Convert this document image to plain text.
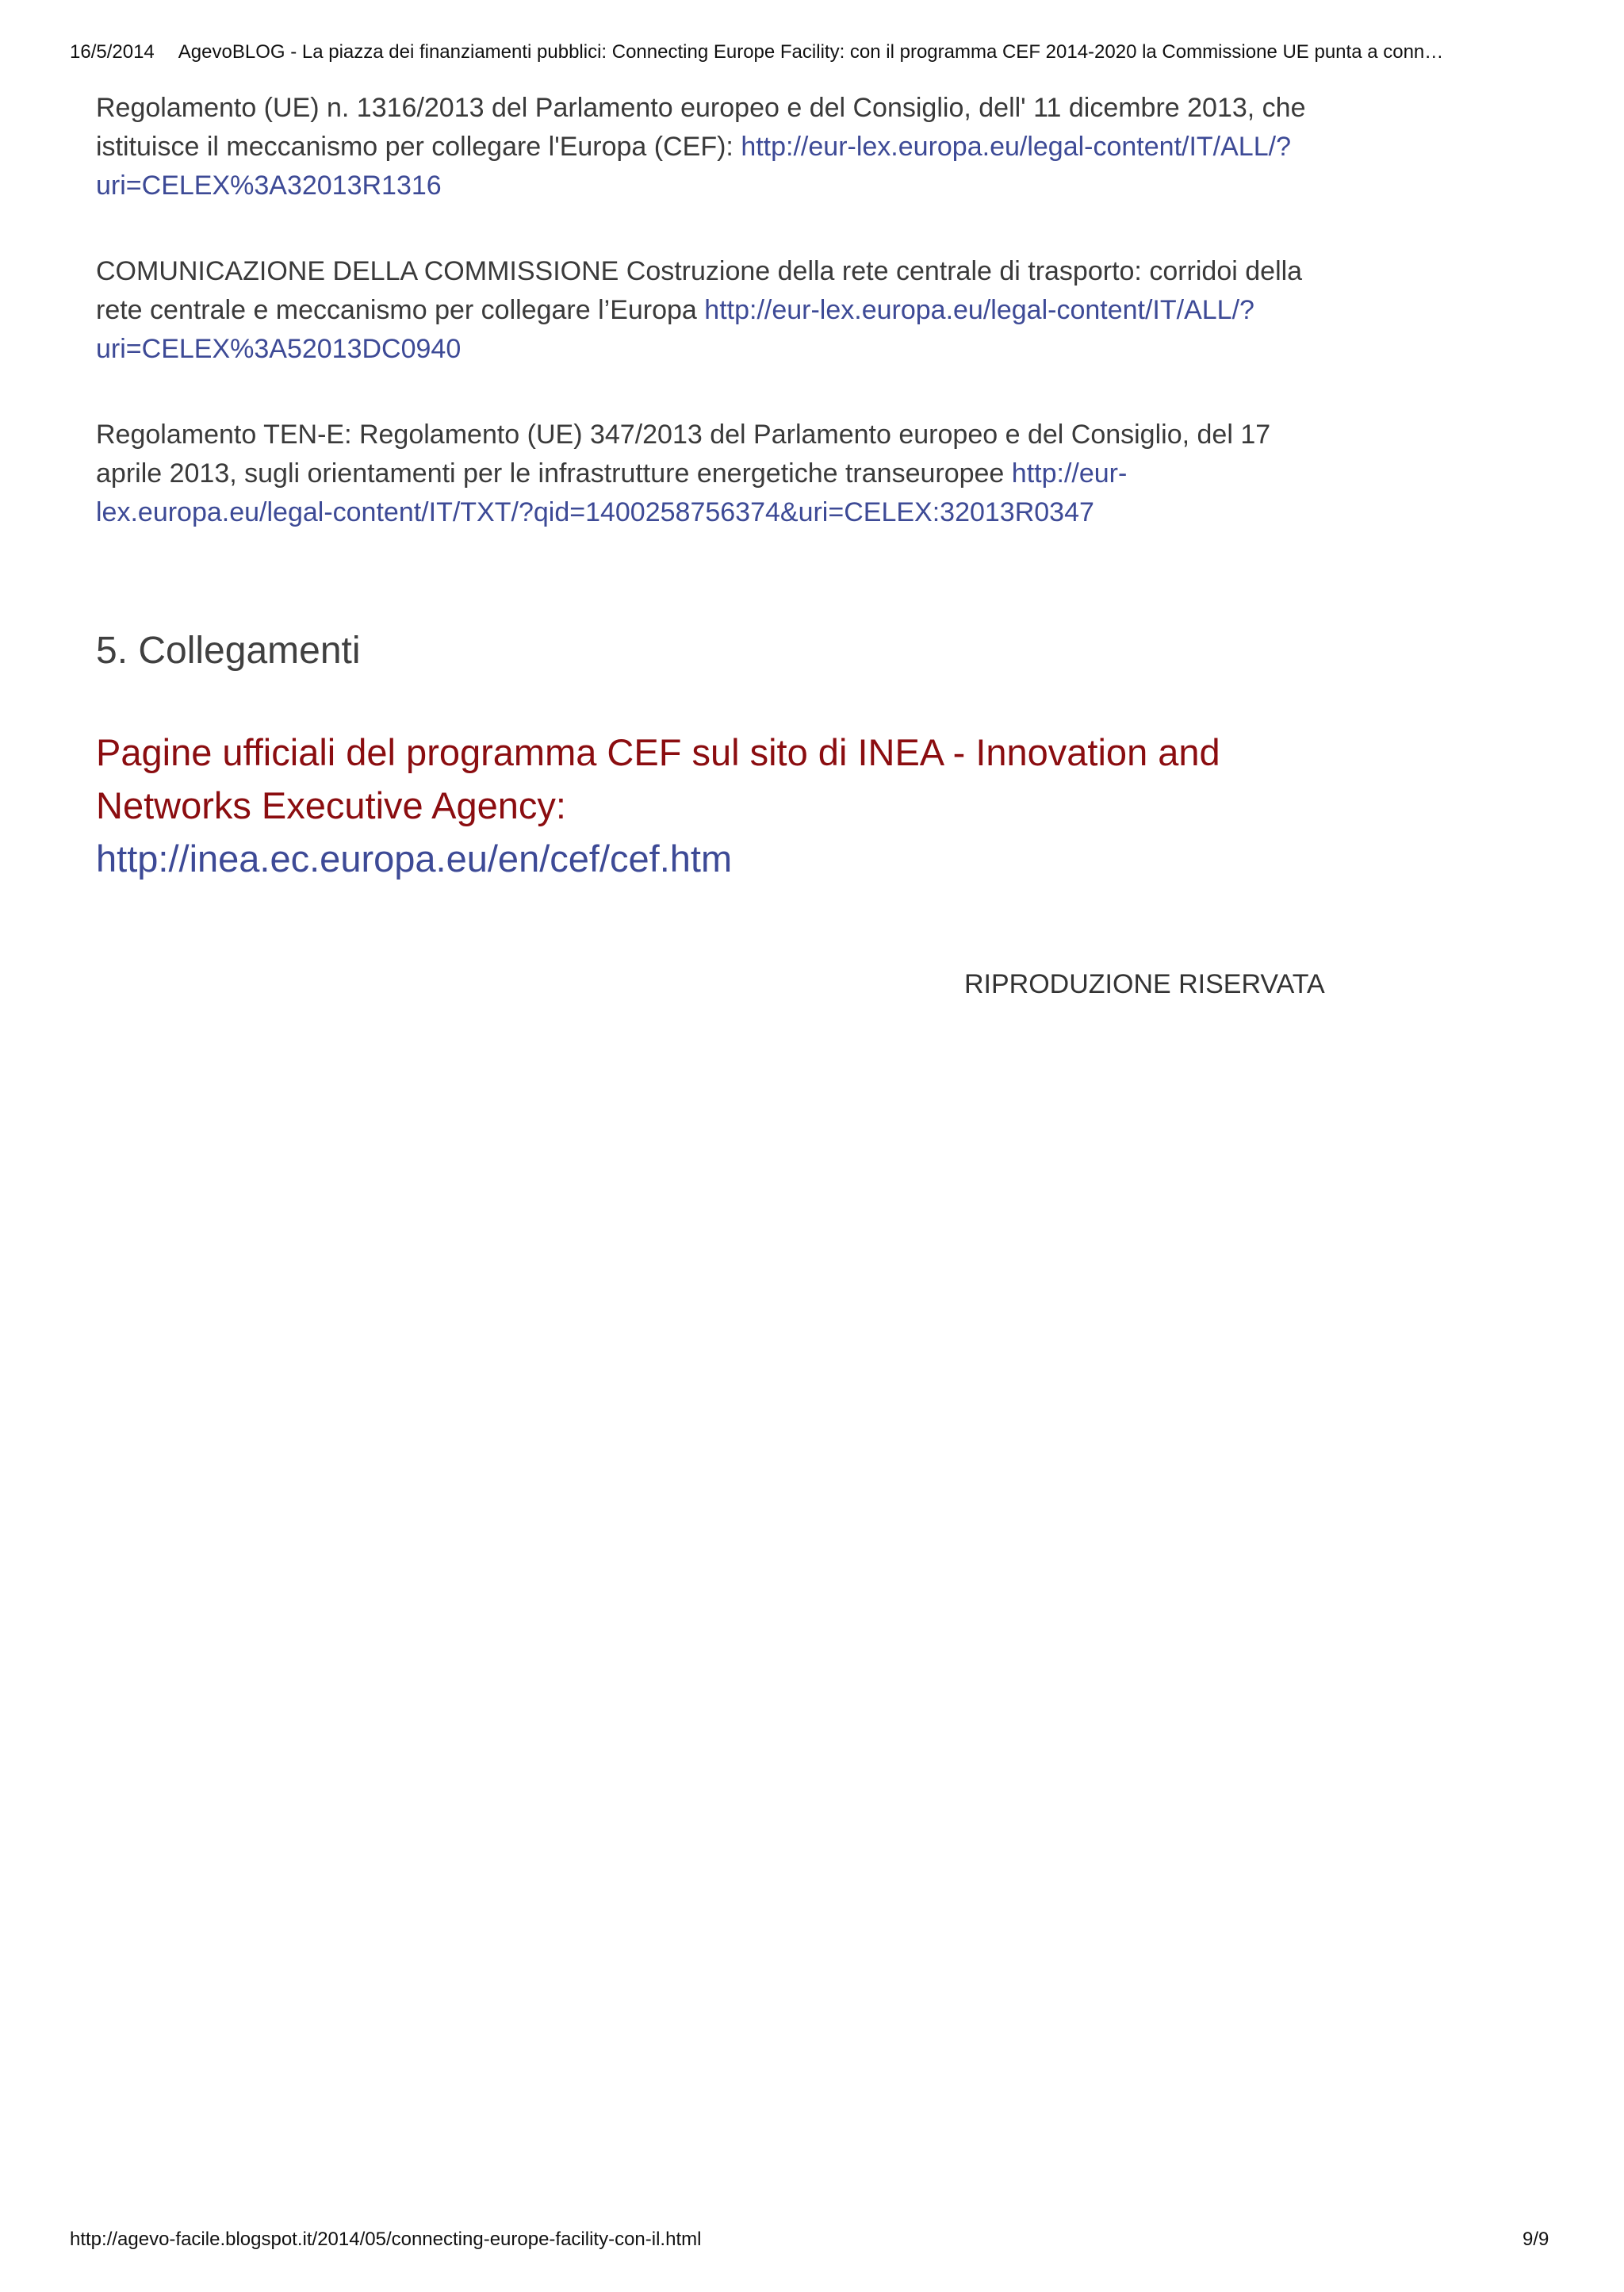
16/5/2014 AgevoBLOG - La piazza dei finanziamenti pubblici: Connecting Europe Facility: con il programma CEF 2014-2020 la Commissione UE punta a conn…

Regolamento (UE) n. 1316/2013 del Parlamento europeo e del Consiglio, dell' 11 dicembre 2013, che istituisce il meccanismo per collegare l'Europa (CEF): http://eur-lex.europa.eu/legal-content/IT/ALL/?uri=CELEX%3A32013R1316

COMUNICAZIONE DELLA COMMISSIONE Costruzione della rete centrale di trasporto: corridoi della rete centrale e meccanismo per collegare l’Europa http://eur-lex.europa.eu/legal-content/IT/ALL/?uri=CELEX%3A52013DC0940

Regolamento TEN-E: Regolamento (UE) 347/2013 del Parlamento europeo e del Consiglio, del 17 aprile 2013, sugli orientamenti per le infrastrutture energetiche transeuropee http://eur-lex.europa.eu/legal-content/IT/TXT/?qid=1400258756374&uri=CELEX:32013R0347

5. Collegamenti
Pagine ufficiali del programma CEF sul sito di INEA - Innovation and Networks Executive Agency:
http://inea.ec.europa.eu/en/cef/cef.htm
RIPRODUZIONE RISERVATA
http://agevo-facile.blogspot.it/2014/05/connecting-europe-facility-con-il.html	9/9
